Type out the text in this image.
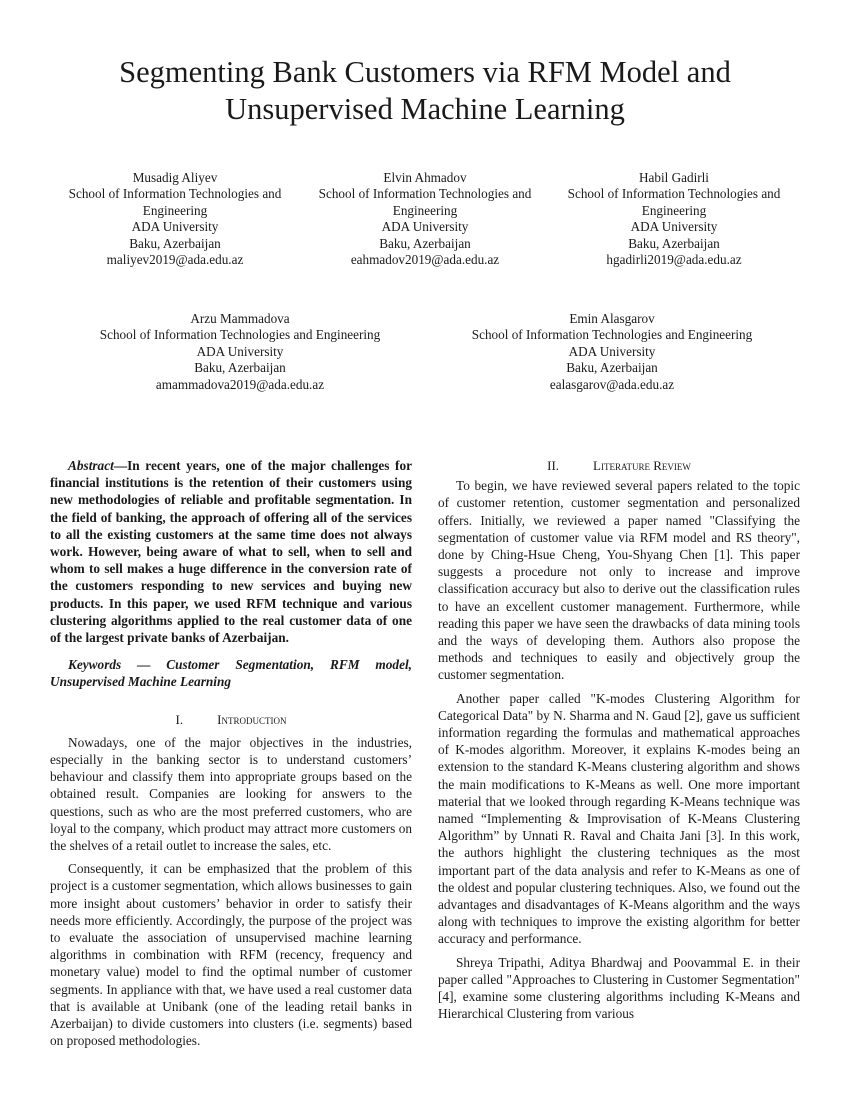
Segmenting Bank Customers via RFM Model and
Unsupervised Machine Learning
Musadig Aliyev
School of Information Technologies and
Engineering
ADA University
Baku, Azerbaijan
maliyev2019@ada.edu.az
Elvin Ahmadov
School of Information Technologies and
Engineering
ADA University
Baku, Azerbaijan
eahmadov2019@ada.edu.az
Habil Gadirli
School of Information Technologies and
Engineering
ADA University
Baku, Azerbaijan
hgadirli2019@ada.edu.az
Arzu Mammadova
School of Information Technologies and Engineering
ADA University
Baku, Azerbaijan
amammadova2019@ada.edu.az
Emin Alasgarov
School of Information Technologies and Engineering
ADA University
Baku, Azerbaijan
ealasgarov@ada.edu.az

Abstract—In recent years, one of the major challenges for financial institutions is the retention of their customers using new methodologies of reliable and profitable segmentation. In the field of banking, the approach of offering all of the services to all the existing customers at the same time does not always work. However, being aware of what to sell, when to sell and whom to sell makes a huge difference in the conversion rate of the customers responding to new services and buying new products. In this paper, we used RFM technique and various clustering algorithms applied to the real customer data of one of the largest private banks of Azerbaijan.

Keywords — Customer Segmentation, RFM model, Unsupervised Machine Learning

I.	Introduction

Nowadays, one of the major objectives in the industries, especially in the banking sector is to understand customers’ behaviour and classify them into appropriate groups based on the obtained result. Companies are looking for answers to the questions, such as who are the most preferred customers, who are loyal to the company, which product may attract more customers on the shelves of a retail outlet to increase the sales, etc.

Consequently, it can be emphasized that the problem of this project is a customer segmentation, which allows businesses to gain more insight about customers’ behavior in order to satisfy their needs more efficiently. Accordingly, the purpose of the project was to evaluate the association of unsupervised machine learning algorithms in combination with RFM (recency, frequency and monetary value) model to find the optimal number of customer segments. In appliance with that, we have used a real customer data that is available at Unibank (one of the leading retail banks in Azerbaijan) to divide customers into clusters (i.e. segments) based on proposed methodologies.

II.	Literature Review

To begin, we have reviewed several papers related to the topic of customer retention, customer segmentation and personalized offers. Initially, we reviewed a paper named "Classifying the segmentation of customer value via RFM model and RS theory", done by Ching-Hsue Cheng, You-Shyang Chen [1]. This paper suggests a procedure not only to increase and improve classification accuracy but also to derive out the classification rules to have an excellent customer management. Furthermore, while reading this paper we have seen the drawbacks of data mining tools and the ways of developing them. Authors also propose the methods and techniques to easily and objectively group the customer segmentation.

Another paper called "K-modes Clustering Algorithm for Categorical Data" by N. Sharma and N. Gaud [2], gave us sufficient information regarding the formulas and mathematical approaches of K-modes algorithm. Moreover, it explains K-modes being an extension to the standard K-Means clustering algorithm and shows the main modifications to K-Means as well. One more important material that we looked through regarding K-Means technique was named “Implementing & Improvisation of K-Means Clustering Algorithm” by Unnati R. Raval and Chaita Jani [3]. In this work, the authors highlight the clustering techniques as the most important part of the data analysis and refer to K-Means as one of the oldest and popular clustering techniques. Also, we found out the advantages and disadvantages of K-Means algorithm and the ways along with techniques to improve the existing algorithm for better accuracy and performance.

Shreya Tripathi, Aditya Bhardwaj and Poovammal E. in their paper called "Approaches to Clustering in Customer Segmentation" [4], examine some clustering algorithms including K-Means and Hierarchical Clustering from various
